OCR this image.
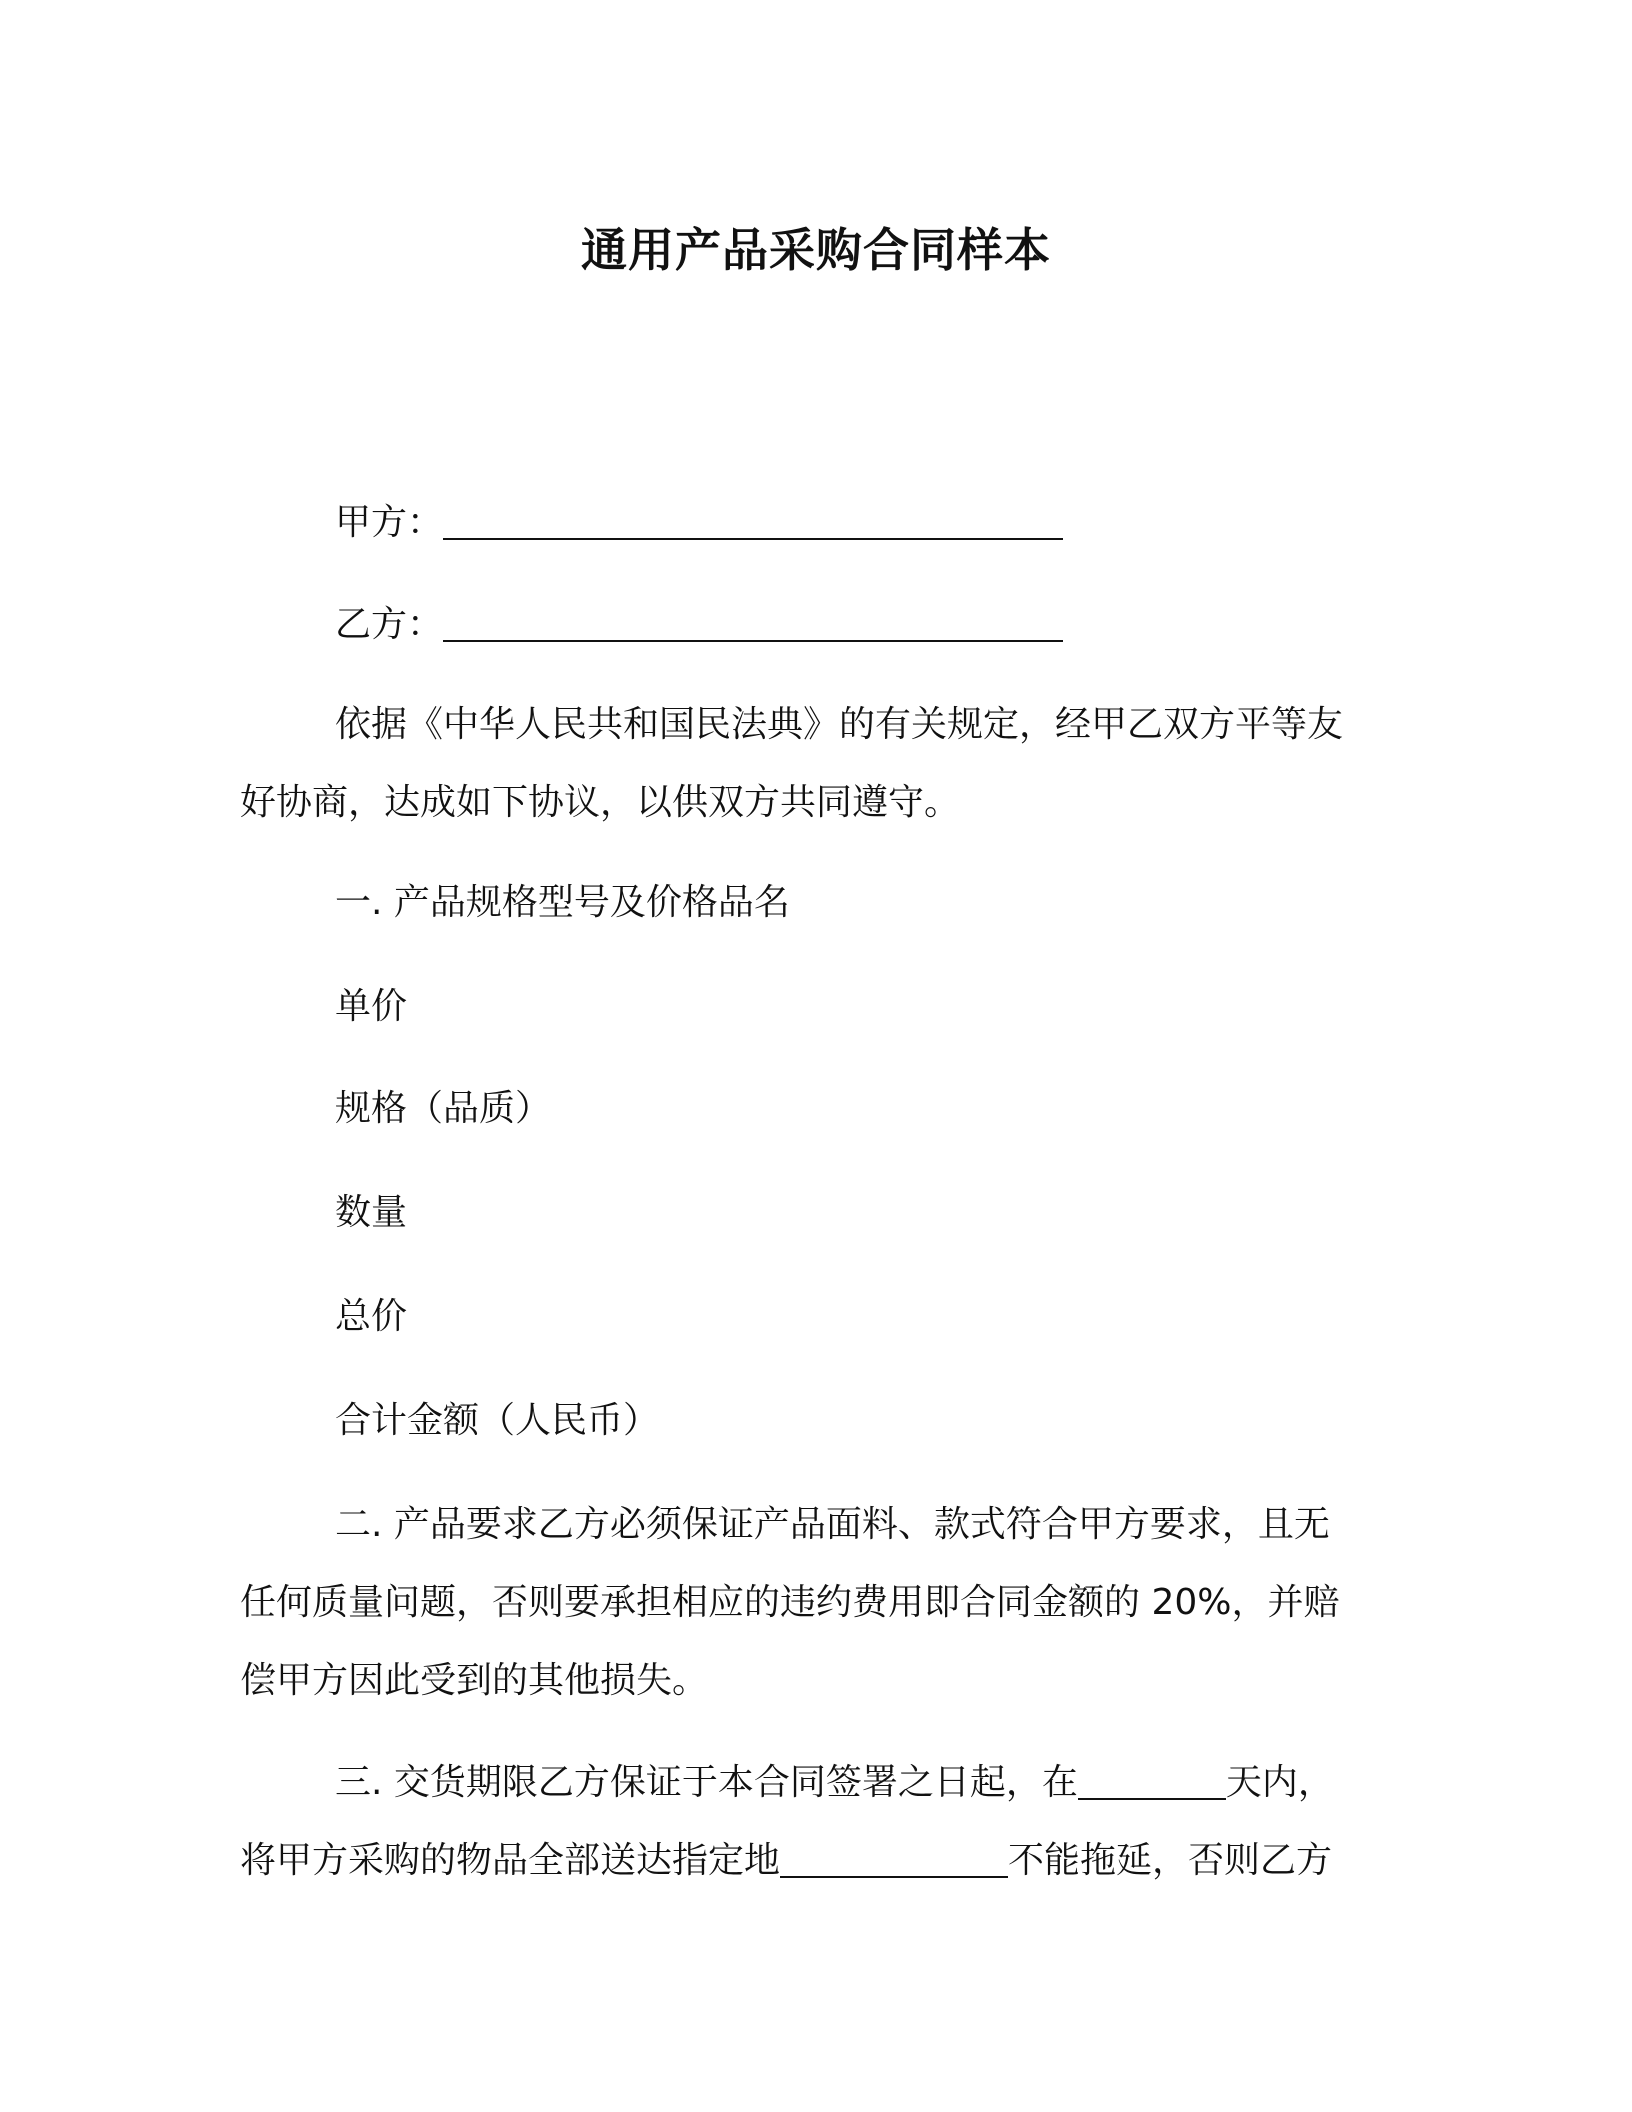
通用产品采购合同样本
甲方：
乙方：
依据《中华人民共和国民法典》的有关规定，经甲乙双方平等友
好协商，达成如下协议，以供双方共同遵守。
一. 产品规格型号及价格品名
单价
规格（品质）
数量
总价
合计金额（人民币）
二. 产品要求乙方必须保证产品面料、款式符合甲方要求，且无
任何质量问题，否则要承担相应的违约费用即合同金额的 20%，并赔
偿甲方因此受到的其他损失。
三. 交货期限乙方保证于本合同签署之日起，在	天内，
将甲方采购的物品全部送达指定地	不能拖延，否则乙方
